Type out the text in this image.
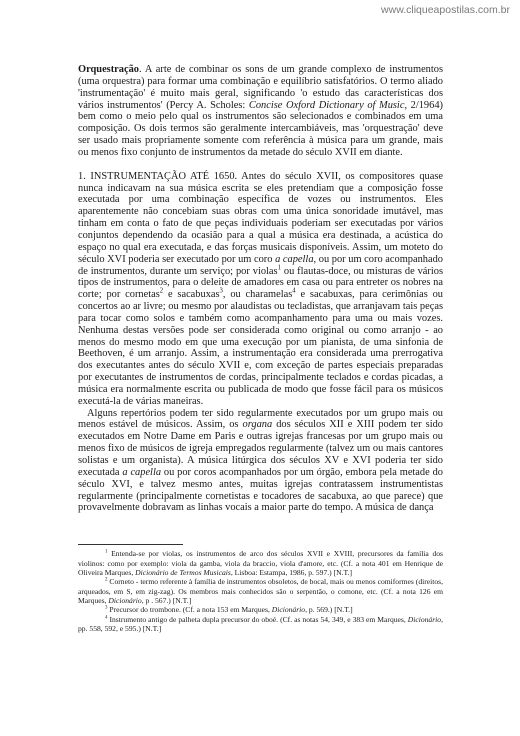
www.cliqueapostilas.com.br

Orquestração. A arte de combinar os sons de um grande complexo de instrumentos (uma orquestra) para formar uma combinação e equilíbrio satisfatórios. O termo aliado 'instrumentação' é muito mais geral, significando 'o estudo das características dos vários instrumentos' (Percy A. Scholes: Concise Oxford Dictionary of Music, 2/1964) bem como o meio pelo qual os instrumentos são selecionados e combinados em uma composição. Os dois termos são geralmente intercambiáveis, mas 'orquestração' deve ser usado mais propriamente somente com referência à música para um grande, mais ou menos fixo conjunto de instrumentos da metade do século XVII em diante.

1. INSTRUMENTAÇÃO ATÉ 1650. Antes do século XVII, os compositores quase nunca indicavam na sua música escrita se eles pretendiam que a composição fosse executada por uma combinação específica de vozes ou instrumentos. Eles aparentemente não concebiam suas obras com uma única sonoridade imutável, mas tinham em conta o fato de que peças individuais poderiam ser executadas por vários conjuntos dependendo da ocasião para a qual a música era destinada, a acústica do espaço no qual era executada, e das forças musicais disponíveis. Assim, um moteto do século XVI poderia ser executado por um coro a capella, ou por um coro acompanhado de instrumentos, durante um serviço; por violas$^1$ ou flautas-doce, ou misturas de vários tipos de instrumentos, para o deleite de amadores em casa ou para entreter os nobres na corte; por cornetas$^2$ e sacabuxas$^3$, ou charamelas$^4$ e sacabuxas, para cerimônias ou concertos ao ar livre; ou mesmo por alaudistas ou tecladistas, que arranjavam tais peças para tocar como solos e também como acompanhamento para uma ou mais vozes. Nenhuma destas versões pode ser considerada como original ou como arranjo - ao menos do mesmo modo em que uma execução por um pianista, de uma sinfonia de Beethoven, é um arranjo. Assim, a instrumentação era considerada uma prerrogativa dos executantes antes do século XVII e, com exceção de partes especiais preparadas por executantes de instrumentos de cordas, principalmente teclados e cordas picadas, a música era normalmente escrita ou publicada de modo que fosse fácil para os músicos executá-la de várias maneiras.

Alguns repertórios podem ter sido regularmente executados por um grupo mais ou menos estável de músicos. Assim, os organa dos séculos XII e XIII podem ter sido executados em Notre Dame em Paris e outras igrejas francesas por um grupo mais ou menos fixo de músicos de igreja empregados regularmente (talvez um ou mais cantores solistas e um organista). A música litúrgica dos séculos XV e XVI poderia ter sido executada a capella ou por coros acompanhados por um órgão, embora pela metade do século XVI, e talvez mesmo antes, muitas igrejas contratassem instrumentistas regularmente (principalmente cornetistas e tocadores de sacabuxa, ao que parece) que provavelmente dobravam as linhas vocais a maior parte do tempo. A música de dança

$^1$ Entenda-se por violas, os instrumentos de arco dos séculos XVII e XVIII, precursores da família dos violinos: como por exemplo: viola da gamba, viola da braccio, viola d'amore, etc. (Cf. a nota 401 em Henrique de Oliveira Marques, Dicionário de Termos Musicais, Lisboa: Estampa, 1986, p. 597.) [N.T.]

$^2$ Corneto - termo referente à família de instrumentos obsoletos, de bocal, mais ou menos comiformes (direitos, arqueados, em S, em zig-zag). Os membros mais conhecidos são o serpentão, o comone, etc. (Cf. a nota 126 em Marques, Dicionário, p . 567.) [N.T.]

$^3$ Precursor do trombone. (Cf. a nota 153 em Marques, Dicionário, p. 569.) [N.T.]

$^4$ Instrumento antigo de palheta dupla precursor do oboé. (Cf. as notas 54, 349, e 383 em Marques, Dicionário, pp. 558, 592, e 595.) [N.T.]
